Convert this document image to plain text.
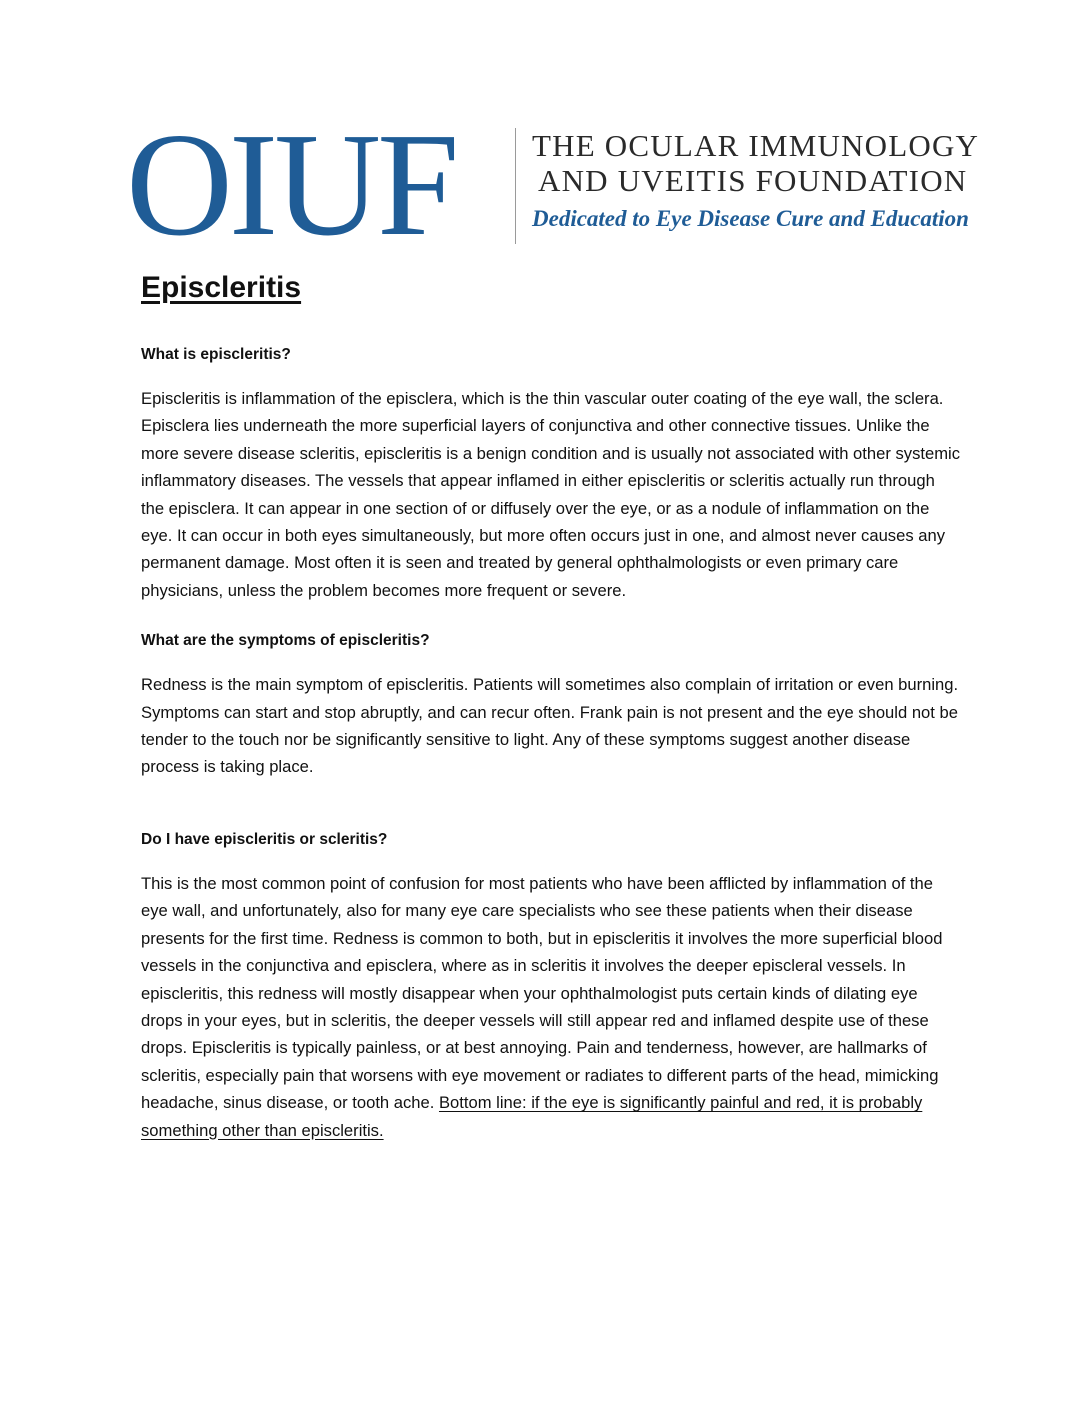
OIUF THE OCULAR IMMUNOLOGY
AND UVEITIS FOUNDATION
Dedicated to Eye Disease Cure and Education
Episcleritis
What is episcleritis?

Episcleritis is inflammation of the episclera, which is the thin vascular outer coating of the eye wall, the sclera. Episclera lies underneath the more superficial layers of conjunctiva and other connective tissues. Unlike the more severe disease scleritis, episcleritis is a benign condition and is usually not associated with other systemic inflammatory diseases. The vessels that appear inflamed in either episcleritis or scleritis actually run through the episclera. It can appear in one section of or diffusely over the eye, or as a nodule of inflammation on the eye. It can occur in both eyes simultaneously, but more often occurs just in one, and almost never causes any permanent damage. Most often it is seen and treated by general ophthalmologists or even primary care physicians, unless the problem becomes more frequent or severe.

What are the symptoms of episcleritis?

Redness is the main symptom of episcleritis. Patients will sometimes also complain of irritation or even burning. Symptoms can start and stop abruptly, and can recur often. Frank pain is not present and the eye should not be tender to the touch nor be significantly sensitive to light. Any of these symptoms suggest another disease process is taking place.

Do I have episcleritis or scleritis?

This is the most common point of confusion for most patients who have been afflicted by inflammation of the eye wall, and unfortunately, also for many eye care specialists who see these patients when their disease presents for the first time. Redness is common to both, but in episcleritis it involves the more superficial blood vessels in the conjunctiva and episclera, where as in scleritis it involves the deeper episcleral vessels. In episcleritis, this redness will mostly disappear when your ophthalmologist puts certain kinds of dilating eye drops in your eyes, but in scleritis, the deeper vessels will still appear red and inflamed despite use of these drops. Episcleritis is typically painless, or at best annoying. Pain and tenderness, however, are hallmarks of scleritis, especially pain that worsens with eye movement or radiates to different parts of the head, mimicking headache, sinus disease, or tooth ache. Bottom line: if the eye is significantly painful and red, it is probably something other than episcleritis.
